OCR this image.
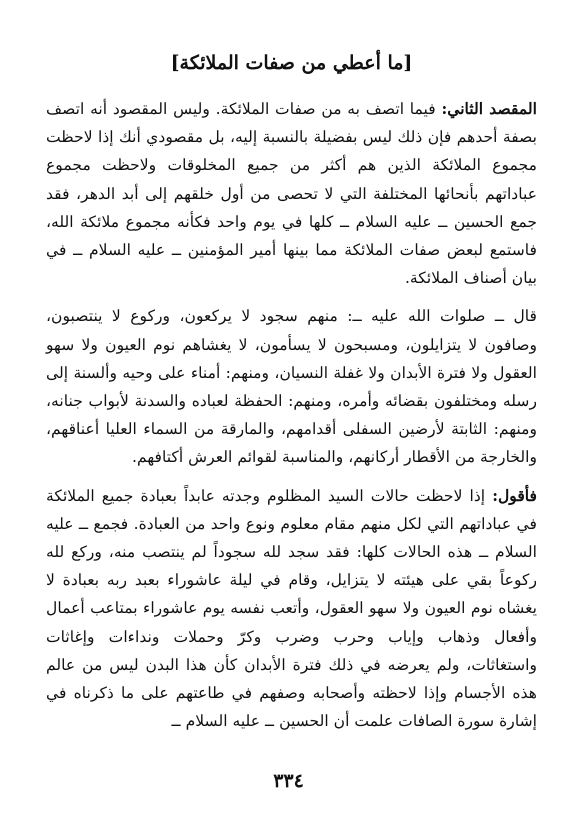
[ما أعطي من صفات الملائكة]

المقصد الثاني: فيما اتصف به من صفات الملائكة. وليس المقصود أنه اتصف بصفة أحدهم فإن ذلك ليس بفضيلة بالنسبة إليه، بل مقصودي أنك إذا لاحظت مجموع الملائكة الذين هم أكثر من جميع المخلوقات ولاحظت مجموع عباداتهم بأنحائها المختلفة التي لا تحصى من أول خلقهم إلى أبد الدهر، فقد جمع الحسين ــ عليه السلام ــ كلها في يوم واحد فكأنه مجموع ملائكة الله، فاستمع لبعض صفات الملائكة مما بينها أمير المؤمنين ــ عليه السلام ــ في بيان أصناف الملائكة.

قال ــ صلوات الله عليه ــ: منهم سجود لا يركعون، وركوع لا ينتصبون، وصافون لا يتزايلون، ومسبحون لا يسأمون، لا يغشاهم نوم العيون ولا سهو العقول ولا فترة الأبدان ولا غفلة النسيان، ومنهم: أمناء على وحيه وألسنة إلى رسله ومختلفون بقضائه وأمره، ومنهم: الحفظة لعباده والسدنة لأبواب جنانه، ومنهم: الثابتة لأرضين السفلى أقدامهم، والمارقة من السماء العليا أعناقهم، والخارجة من الأقطار أركانهم، والمناسبة لقوائم العرش أكتافهم.

فأقول: إذا لاحظت حالات السيد المظلوم وجدته عابداً بعبادة جميع الملائكة في عباداتهم التي لكل منهم مقام معلوم ونوع واحد من العبادة. فجمع ــ عليه السلام ــ هذه الحالات كلها: فقد سجد لله سجوداً لم ينتصب منه، وركع لله ركوعاً بقي على هيئته لا يتزايل، وقام في ليلة عاشوراء بعبد ربه بعبادة لا يغشاه نوم العيون ولا سهو العقول، وأتعب نفسه يوم عاشوراء بمتاعب أعمال وأفعال وذهاب وإياب وحرب وضرب وكرّ وحملات ونداءات وإغاثات واستغاثات، ولم يعرضه في ذلك فترة الأبدان كأن هذا البدن ليس من عالم هذه الأجسام وإذا لاحظته وأصحابه وصفهم في طاعتهم على ما ذكرناه في إشارة سورة الصافات علمت أن الحسين ــ عليه السلام ــ

٣٣٤
